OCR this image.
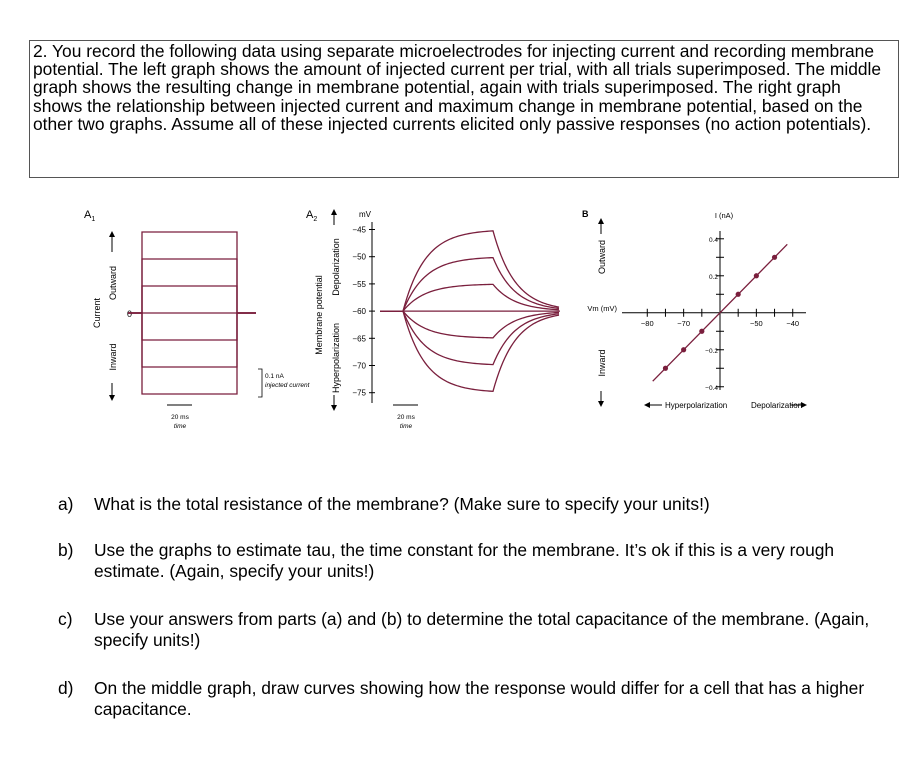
2. You record the following data using separate microelectrodes for injecting current and recording membrane potential. The left graph shows the amount of injected current per trial, with all trials superimposed. The middle graph shows the resulting change in membrane potential, again with trials superimposed. The right graph shows the relationship between injected current and maximum change in membrane potential, based on the other two graphs. Assume all of these injected currents elicited only passive responses (no action potentials).

$A_1$
Current
Outward
Inward
0
0.1 nA
injected current
20 ms
time
$A_2$
Membrane potential
Depolarization
Hyperpolarization
mV
−45
−50
−55
−60
−65
−70
−75
20 ms
time
B	I (nA)
Vm (mV)
Outward
Inward
−80	−70	−50	−40
0.4
0.2
−0.2
−0.4
Hyperpolarization	Depolarization
a) What is the total resistance of the membrane? (Make sure to specify your units!)
b) Use the graphs to estimate tau, the time constant for the membrane. It’s ok if this is a very rough estimate. (Again, specify your units!)
c) Use your answers from parts (a) and (b) to determine the total capacitance of the membrane. (Again, specify units!)
d) On the middle graph, draw curves showing how the response would differ for a cell that has a higher capacitance.
